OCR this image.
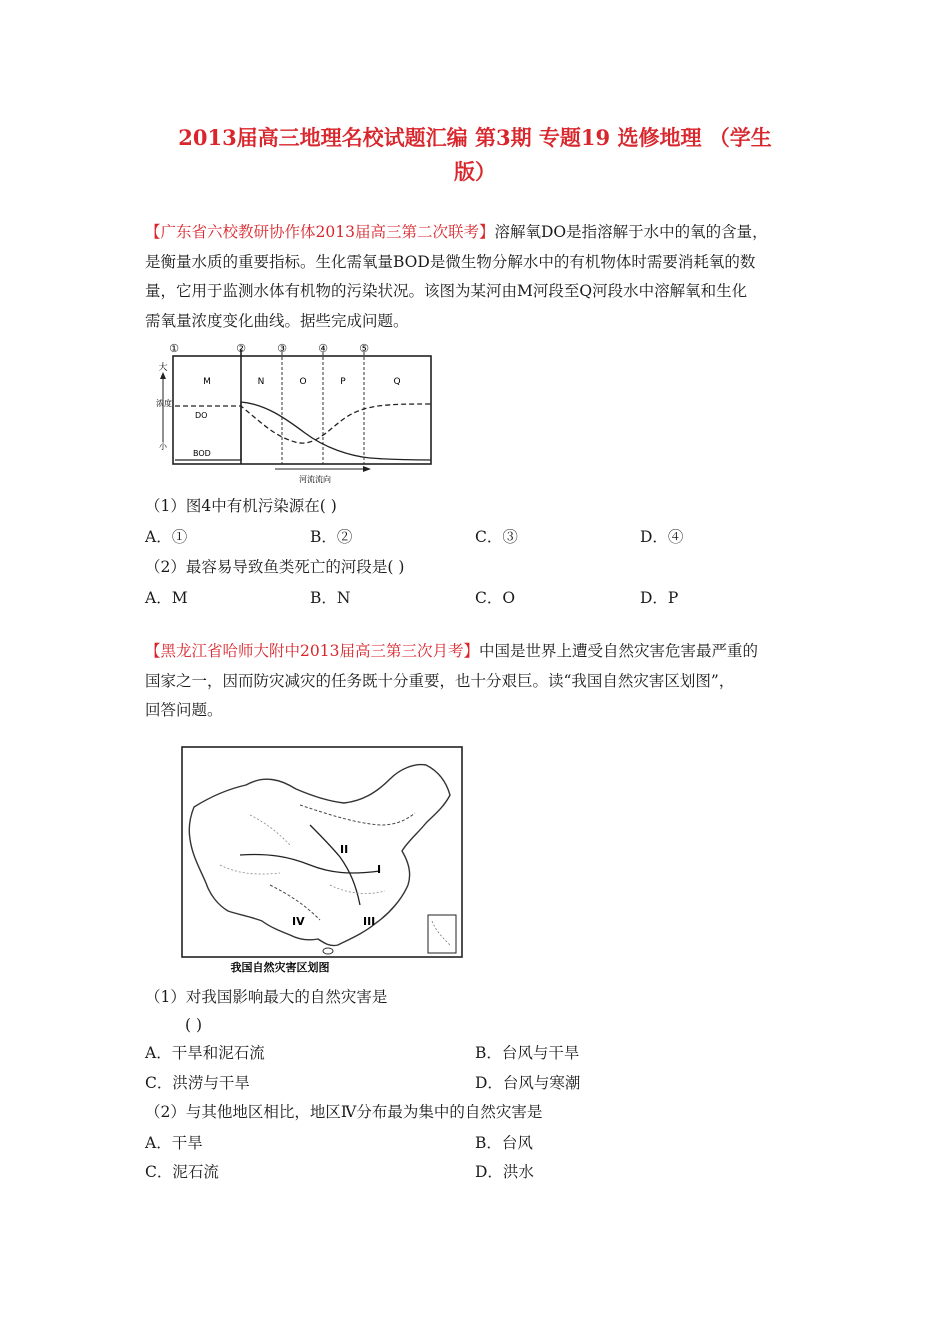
2013届高三地理名校试题汇编 第3期 专题19 选修地理 （学生
版）
【广东省六校教研协作体2013届高三第二次联考】溶解氧DO是指溶解于水中的氧的含量，
是衡量水质的重要指标。生化需氧量BOD是微生物分解水中的有机物体时需要消耗氧的数
量，它用于监测水体有机物的污染状况。该图为某河由M河段至Q河段水中溶解氧和生化
需氧量浓度变化曲线。据些完成问题。
①	②	③	④	⑤
M	N	O	P	Q
大
浓度
小
DO
BOD
河流流向
（1）图4中有机污染源在( )
A．①	B．②	C．③	D．④
（2）最容易导致鱼类死亡的河段是( )
A．M	B．N	C．O	D．P
【黑龙江省哈师大附中2013届高三第三次月考】中国是世界上遭受自然灾害危害最严重的
国家之一，因而防灾减灾的任务既十分重要，也十分艰巨。读“我国自然灾害区划图”，
回答问题。
I
II
III
IV
我国自然灾害区划图
（1）对我国影响最大的自然灾害是
( )
A．干旱和泥石流	B．台风与干旱
C．洪涝与干旱	D．台风与寒潮
（2）与其他地区相比，地区Ⅳ分布最为集中的自然灾害是
A．干旱	B．台风
C．泥石流	D．洪水
